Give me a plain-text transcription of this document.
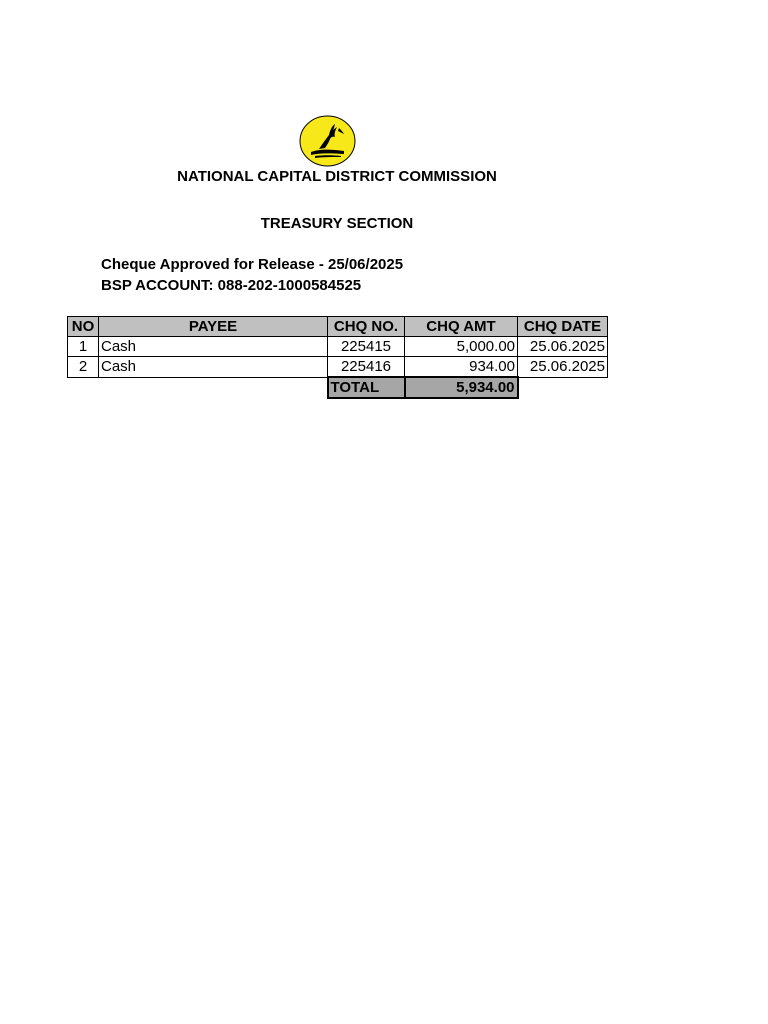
NATIONAL CAPITAL DISTRICT COMMISSION
TREASURY SECTION
Cheque Approved for Release - 25/06/2025
BSP ACCOUNT: 088-202-1000584525
NO	PAYEE	CHQ NO.	CHQ AMT	CHQ DATE
1	Cash	225415	5,000.00	25.06.2025
2	Cash	225416	934.00	25.06.2025
		TOTAL	5,934.00	
